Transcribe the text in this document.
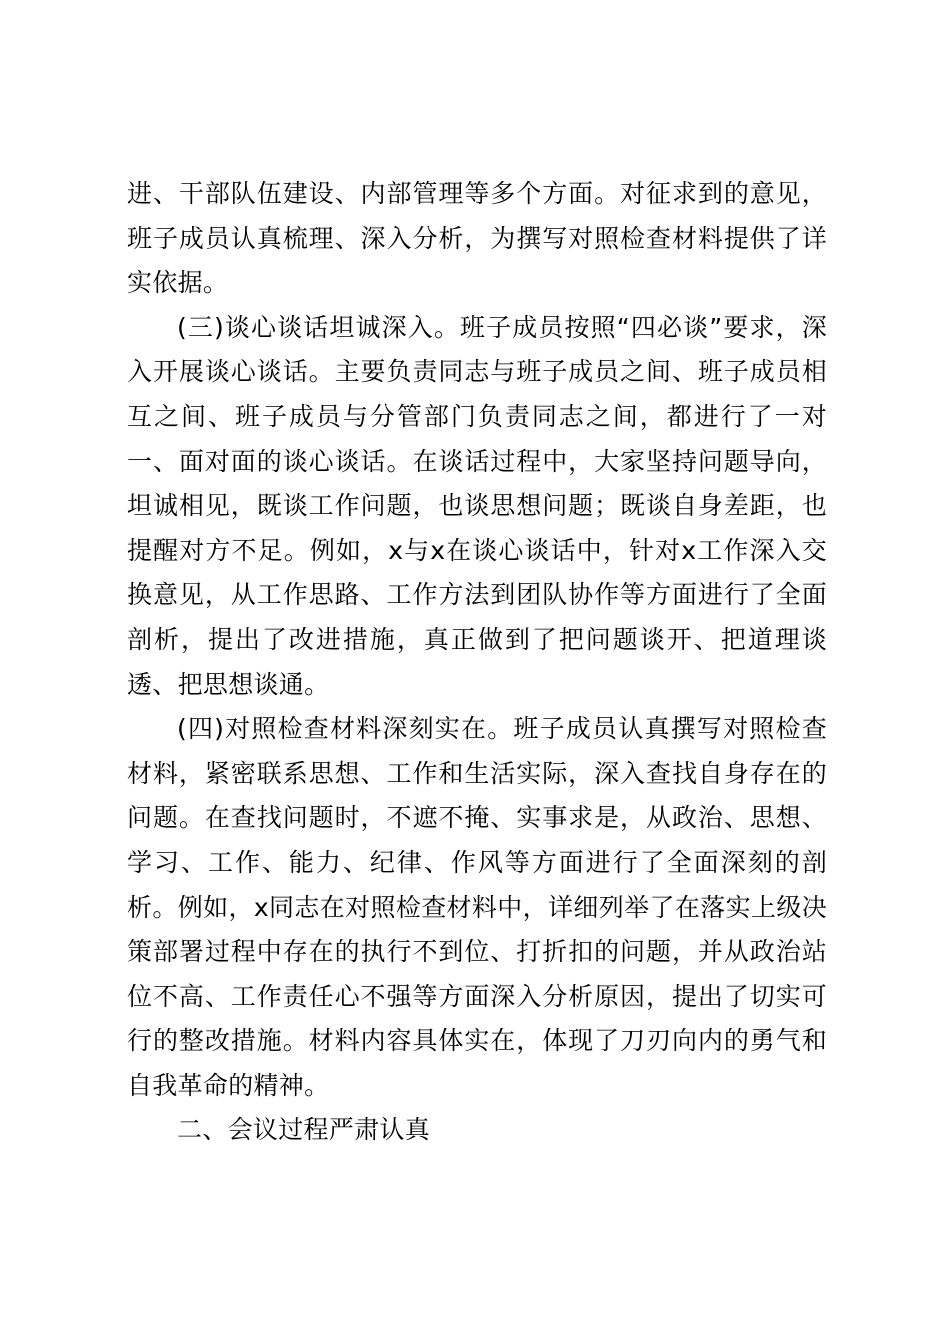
进、干部队伍建设、内部管理等多个方面。对征求到的意见，班子成员认真梳理、深入分析，为撰写对照检查材料提供了详实依据。

(三)谈心谈话坦诚深入。班子成员按照“四必谈”要求，深入开展谈心谈话。主要负责同志与班子成员之间、班子成员相互之间、班子成员与分管部门负责同志之间，都进行了一对一、面对面的谈心谈话。在谈话过程中，大家坚持问题导向，坦诚相见，既谈工作问题，也谈思想问题；既谈自身差距，也提醒对方不足。例如，x与x在谈心谈话中，针对x工作深入交换意见，从工作思路、工作方法到团队协作等方面进行了全面剖析，提出了改进措施，真正做到了把问题谈开、把道理谈透、把思想谈通。

(四)对照检查材料深刻实在。班子成员认真撰写对照检查材料，紧密联系思想、工作和生活实际，深入查找自身存在的问题。在查找问题时，不遮不掩、实事求是，从政治、思想、学习、工作、能力、纪律、作风等方面进行了全面深刻的剖析。例如，x同志在对照检查材料中，详细列举了在落实上级决策部署过程中存在的执行不到位、打折扣的问题，并从政治站位不高、工作责任心不强等方面深入分析原因，提出了切实可行的整改措施。材料内容具体实在，体现了刀刃向内的勇气和自我革命的精神。

二、会议过程严肃认真
